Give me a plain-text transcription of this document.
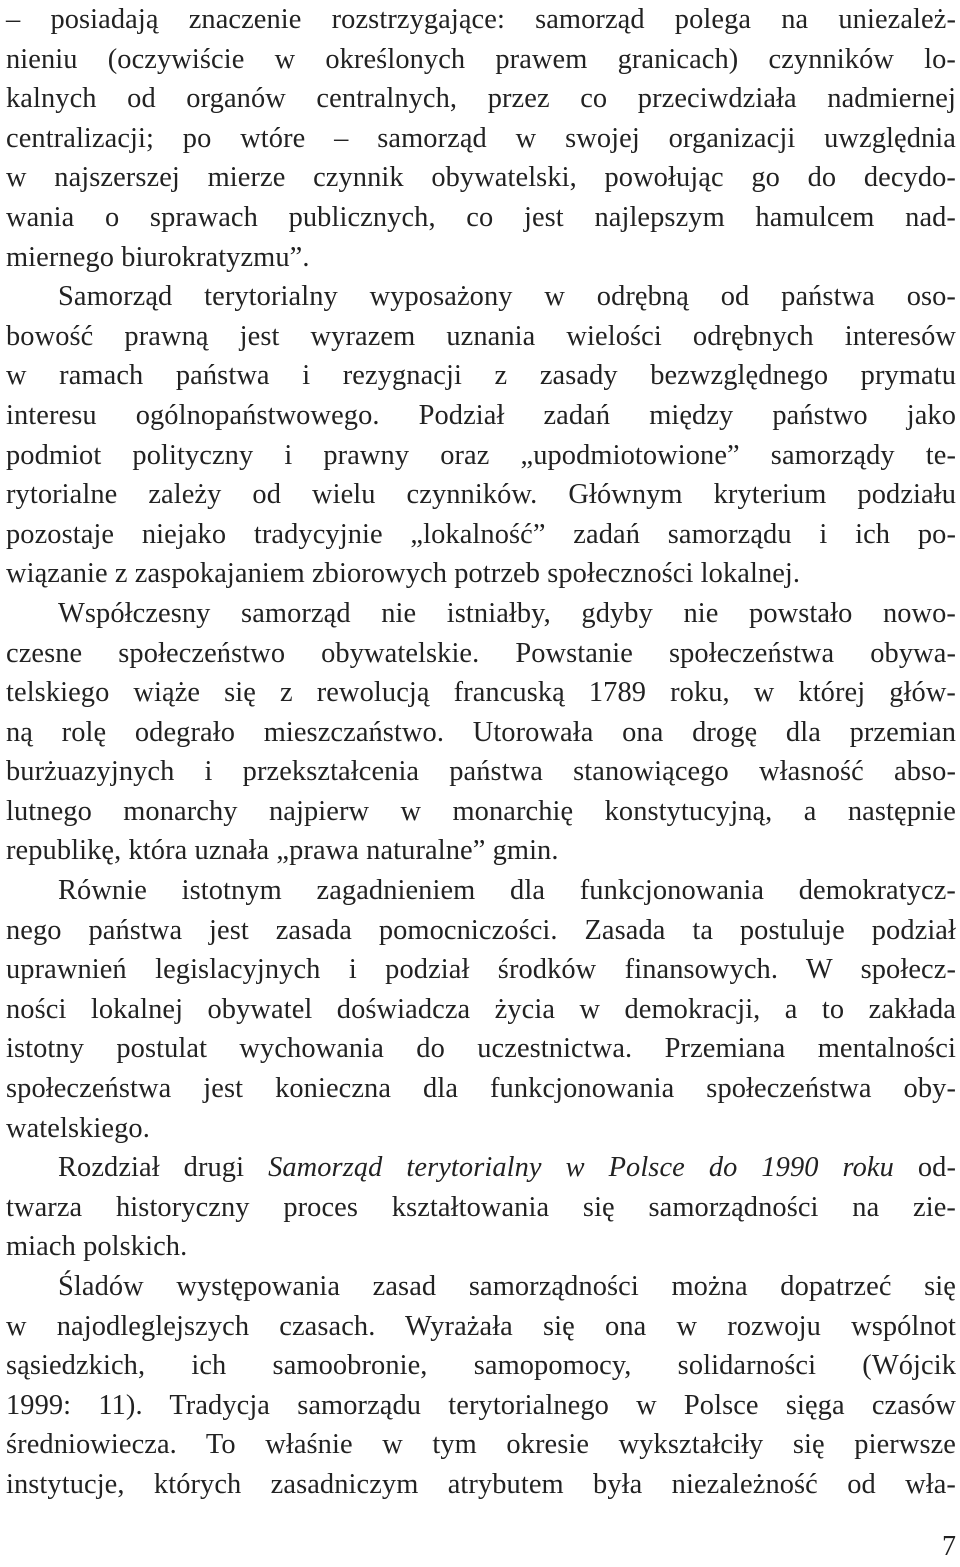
– posiadają znaczenie rozstrzygające: samorząd polega na uniezależ-
nieniu (oczywiście w określonych prawem granicach) czynników lo-
kalnych od organów centralnych, przez co przeciwdziała nadmiernej
centralizacji; po wtóre – samorząd w swojej organizacji uwzględnia
w najszerszej mierze czynnik obywatelski, powołując go do decydo-
wania o sprawach publicznych, co jest najlepszym hamulcem nad-
miernego biurokratyzmu”.
Samorząd terytorialny wyposażony w odrębną od państwa oso-
bowość prawną jest wyrazem uznania wielości odrębnych interesów
w ramach państwa i rezygnacji z zasady bezwzględnego prymatu
interesu ogólnopaństwowego. Podział zadań między państwo jako
podmiot polityczny i prawny oraz „upodmiotowione” samorządy te-
rytorialne zależy od wielu czynników. Głównym kryterium podziału
pozostaje niejako tradycyjnie „lokalność” zadań samorządu i ich po-
wiązanie z zaspokajaniem zbiorowych potrzeb społeczności lokalnej.
Współczesny samorząd nie istniałby, gdyby nie powstało nowo-
czesne społeczeństwo obywatelskie. Powstanie społeczeństwa obywa-
telskiego wiąże się z rewolucją francuską 1789 roku, w której głów-
ną rolę odegrało mieszczaństwo. Utorowała ona drogę dla przemian
burżuazyjnych i przekształcenia państwa stanowiącego własność abso-
lutnego monarchy najpierw w monarchię konstytucyjną, a następnie
republikę, która uznała „prawa naturalne” gmin.
Równie istotnym zagadnieniem dla funkcjonowania demokratycz-
nego państwa jest zasada pomocniczości. Zasada ta postuluje podział
uprawnień legislacyjnych i podział środków finansowych. W społecz-
ności lokalnej obywatel doświadcza życia w demokracji, a to zakłada
istotny postulat wychowania do uczestnictwa. Przemiana mentalności
społeczeństwa jest konieczna dla funkcjonowania społeczeństwa oby-
watelskiego.
Rozdział drugi Samorząd terytorialny w Polsce do 1990 roku od-
twarza historyczny proces kształtowania się samorządności na zie-
miach polskich.
Śladów występowania zasad samorządności można dopatrzeć się
w najodleglejszych czasach. Wyrażała się ona w rozwoju wspólnot
sąsiedzkich, ich samoobronie, samopomocy, solidarności (Wójcik
1999: 11). Tradycja samorządu terytorialnego w Polsce sięga czasów
średniowiecza. To właśnie w tym okresie wykształciły się pierwsze
instytucje, których zasadniczym atrybutem była niezależność od wła-
7
